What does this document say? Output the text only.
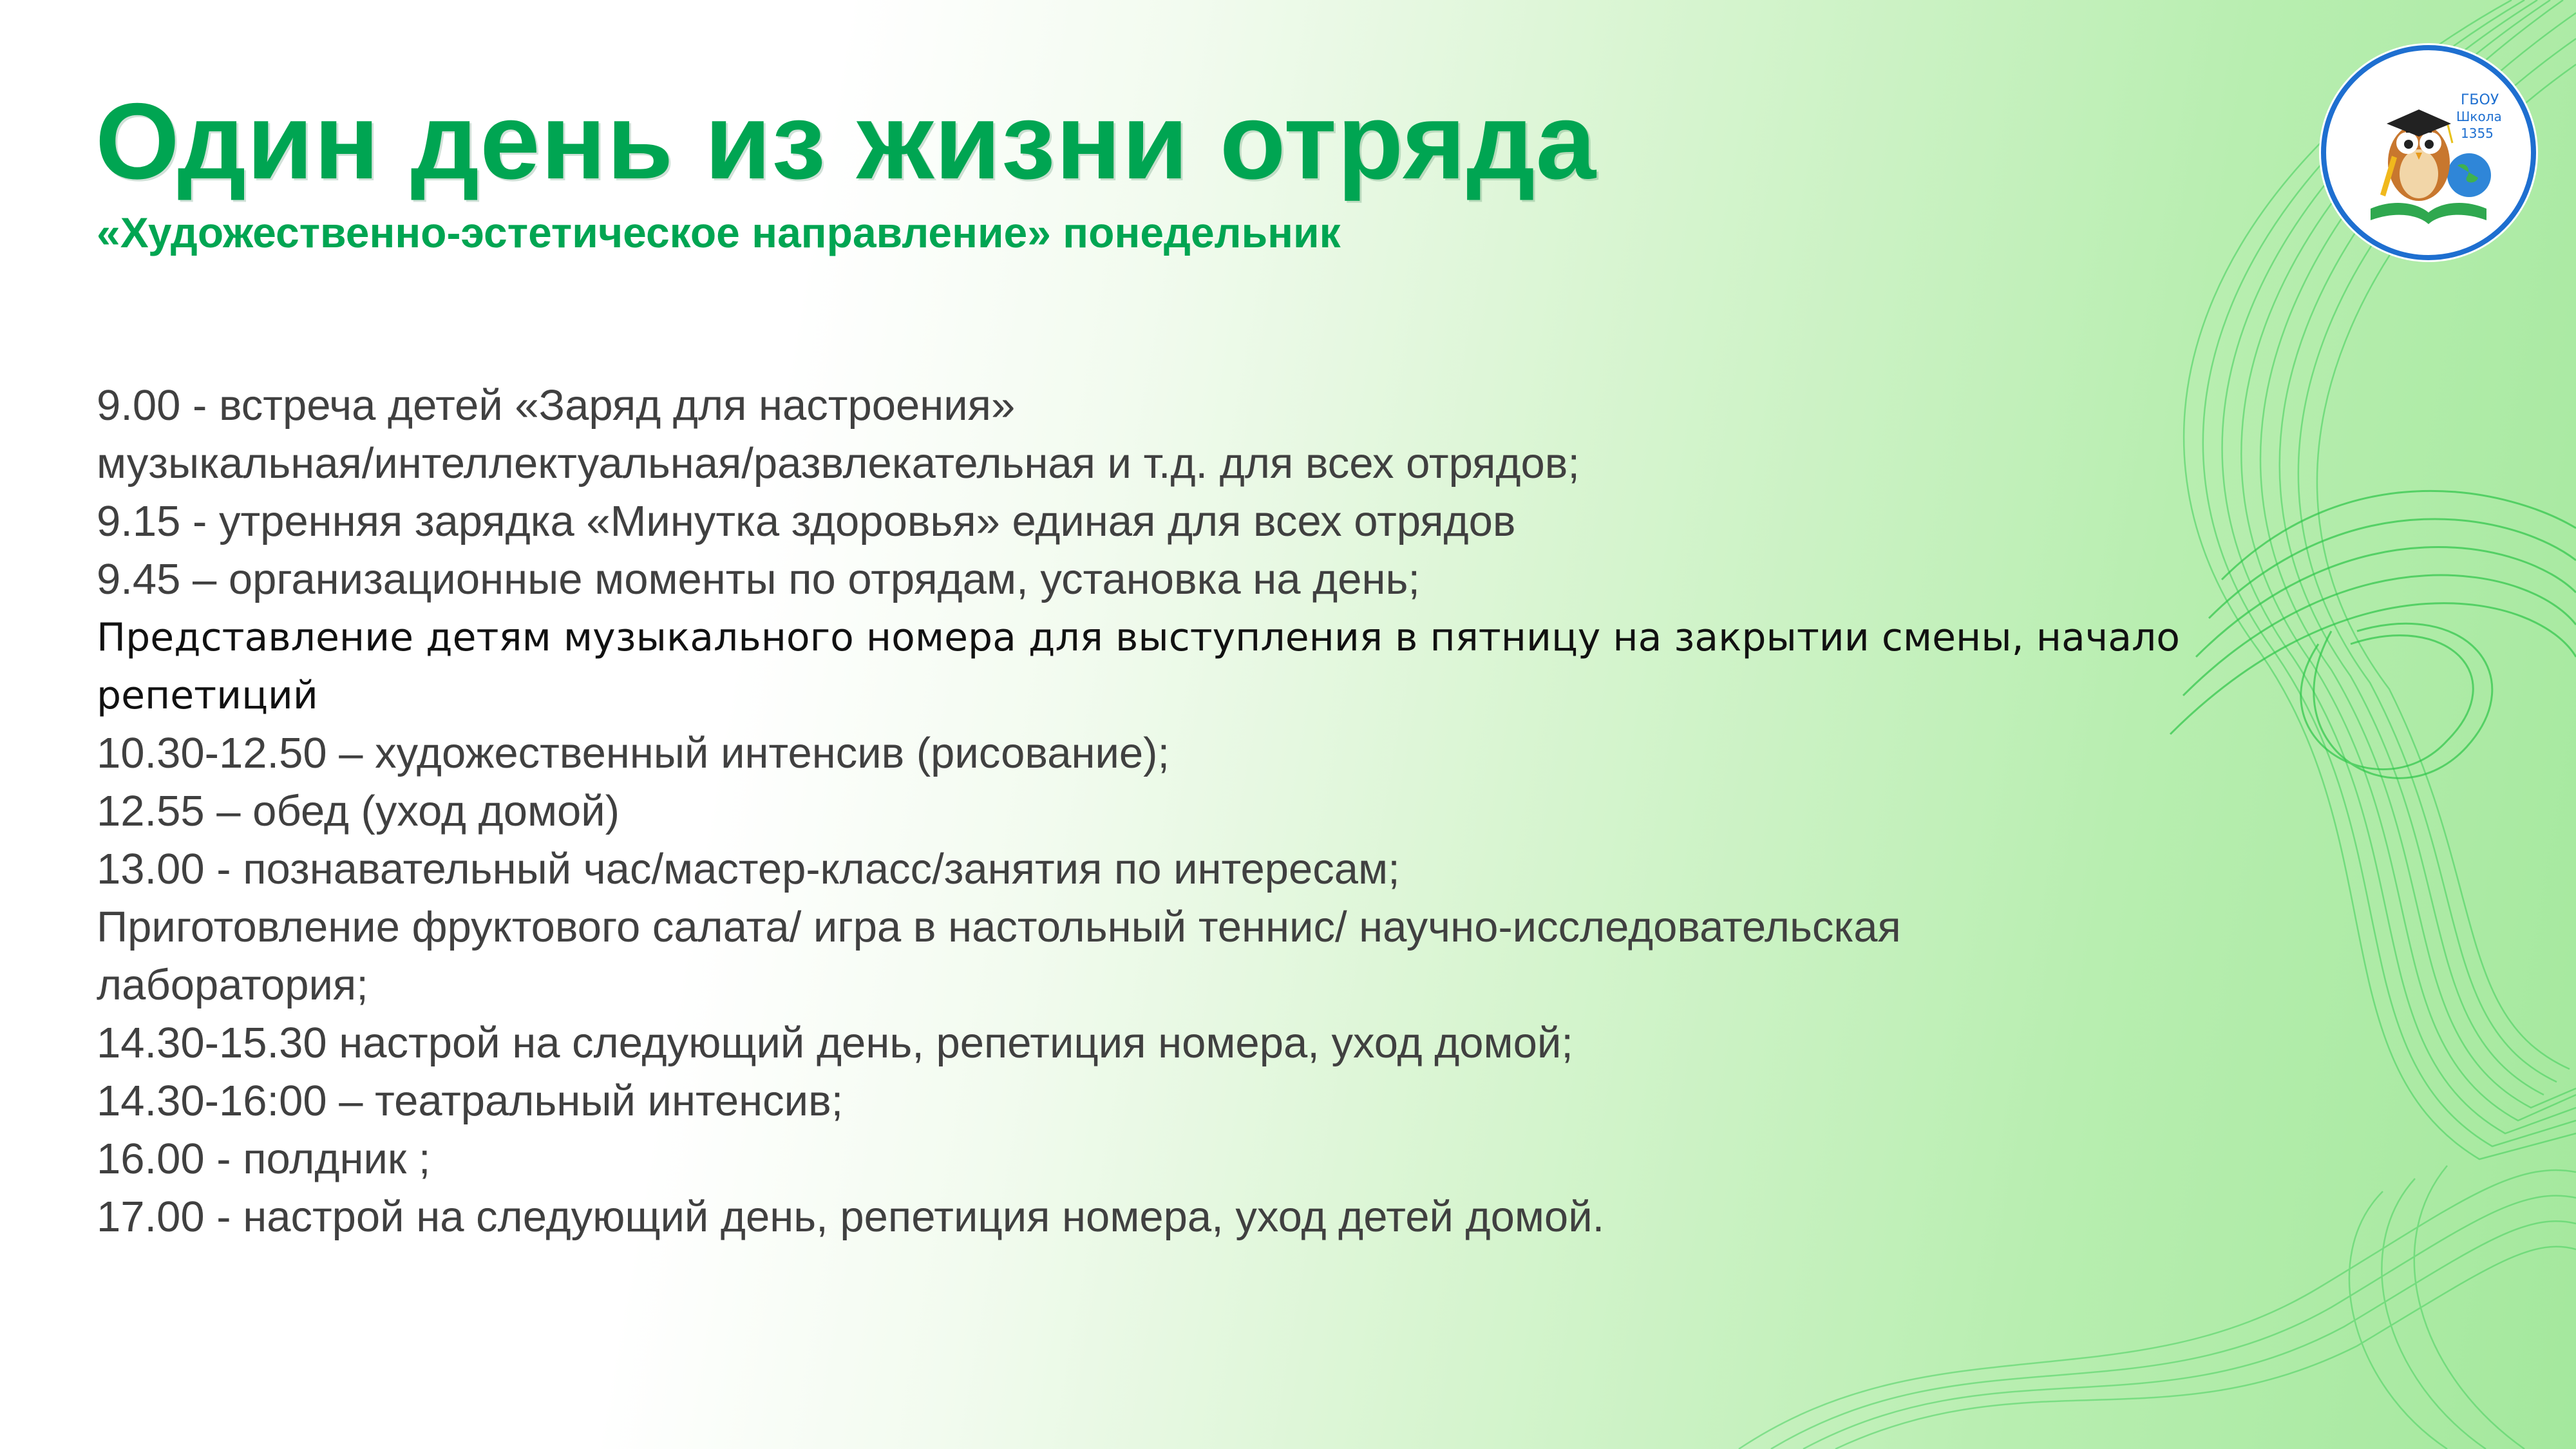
Один день из жизни отряда
«Художественно-эстетическое направление» понедельник
9.00 - встреча детей «Заряд для настроения»
музыкальная/интеллектуальная/развлекательная и т.д. для всех отрядов;
9.15 - утренняя зарядка «Минутка здоровья» единая для всех отрядов
9.45 – организационные моменты по отрядам, установка на день;
Представление детям музыкального номера для выступления в пятницу на закрытии смены, начало
репетиций
10.30-12.50 – художественный интенсив (рисование);
12.55 – обед (уход домой)
13.00 - познавательный час/мастер-класс/занятия по интересам;
Приготовление фруктового салата/ игра в настольный теннис/ научно-исследовательская
лаборатория;
14.30-15.30 настрой на следующий день, репетиция номера, уход домой;
14.30-16:00 – театральный интенсив;
16.00 - полдник ;
17.00 - настрой на следующий день, репетиция номера, уход детей домой.
ГБОУ
Школа
1355
